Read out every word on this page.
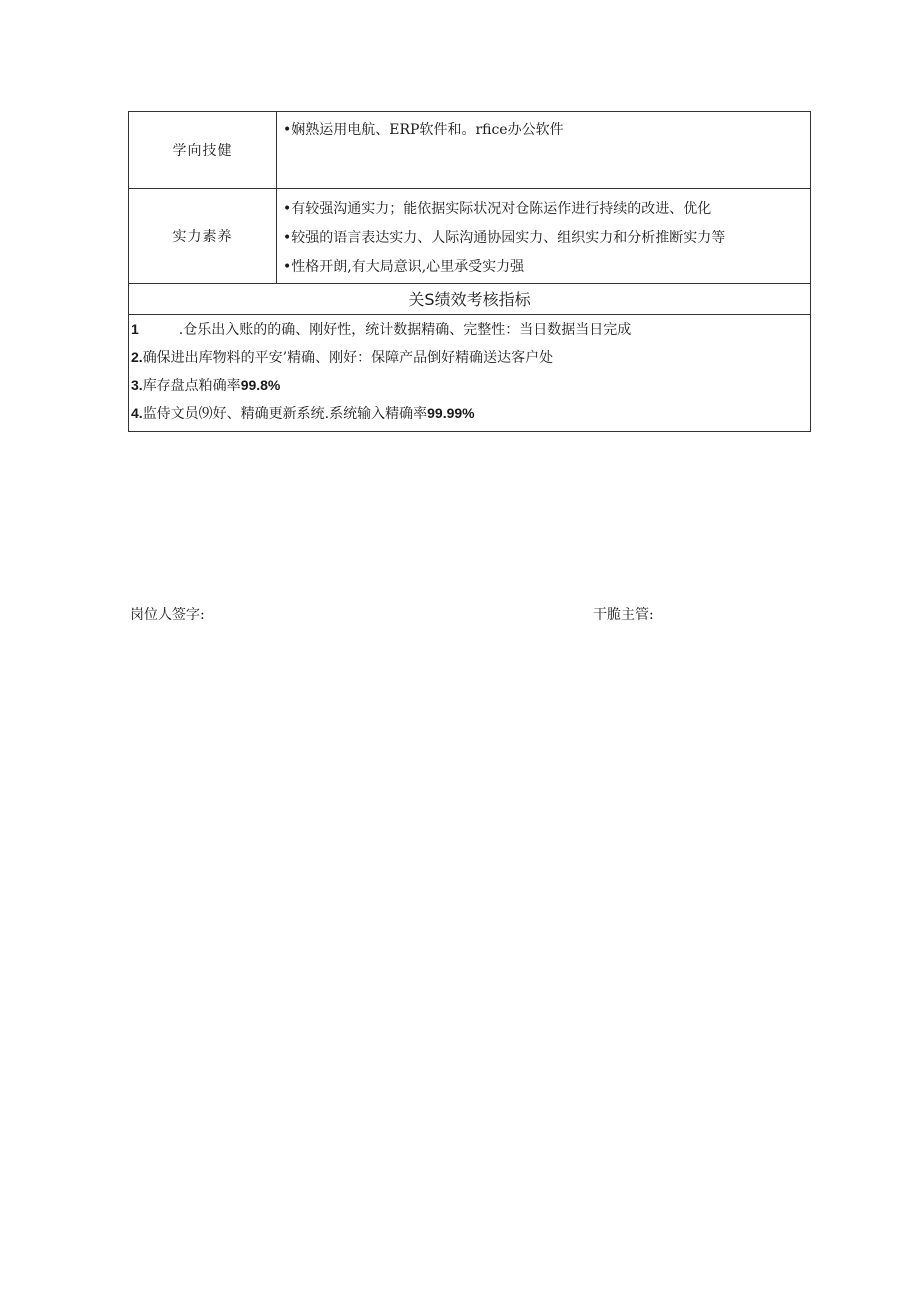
学向技健
•娴熟运用电航、ERP软件和。rfice办公软件
实力素养
•有较强沟通实力；能依据实际状况对仓陈运作进行持续的改进、优化
•较强的语言表达实力、人际沟通协园实力、组织实力和分析推断实力等
•性格开朗,有大局意识,心里承受实力强
关S绩效考核指标
1	.仓乐出入账的的确、刚好性，统计数据精确、完整性：当日数据当日完成
2.确保进出库物料的平安’精确、刚好：保障产品倒好精确送达客户处
3.库存盘点粕确率99.8%
4.监侍文员⑼好、精确更新系统.系统输入精确率99.99%
岗位人签字:	干脆主管:
